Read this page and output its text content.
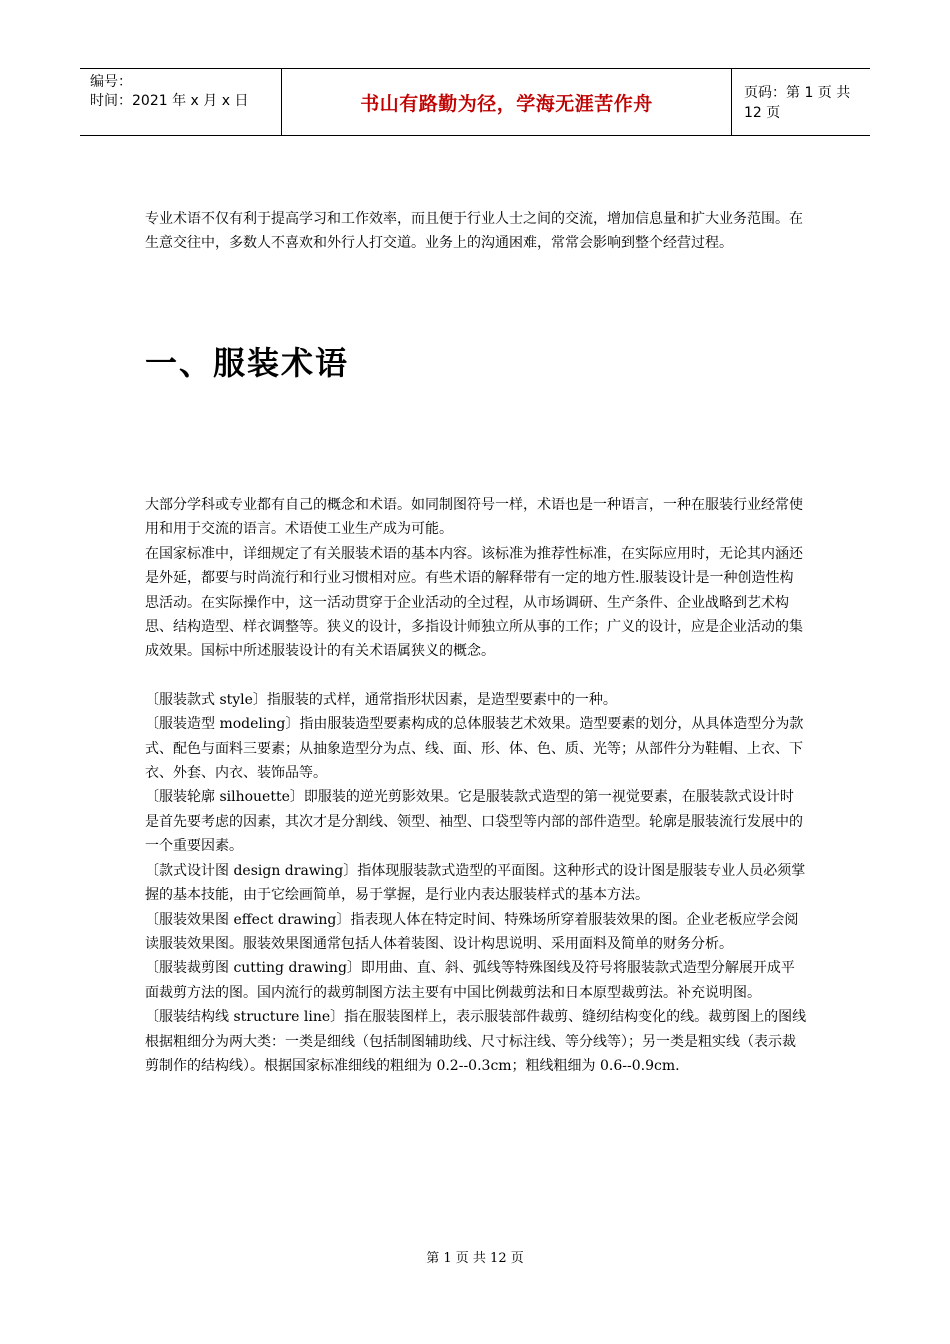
编号：
时间：2021 年 x 月 x 日	书山有路勤为径，学海无涯苦作舟	页码：第 1 页 共 12 页

专业术语不仅有利于提高学习和工作效率，而且便于行业人士之间的交流，增加信息量和扩大业务范围。在生意交往中，多数人不喜欢和外行人打交道。业务上的沟通困难，常常会影响到整个经营过程。

一、服装术语

大部分学科或专业都有自己的概念和术语。如同制图符号一样，术语也是一种语言，一种在服装行业经常使用和用于交流的语言。术语使工业生产成为可能。

在国家标准中，详细规定了有关服装术语的基本内容。该标准为推荐性标准，在实际应用时，无论其内涵还是外延，都要与时尚流行和行业习惯相对应。有些术语的解释带有一定的地方性.服装设计是一种创造性构思活动。在实际操作中，这一活动贯穿于企业活动的全过程，从市场调研、生产条件、企业战略到艺术构思、结构造型、样衣调整等。狭义的设计，多指设计师独立所从事的工作；广义的设计，应是企业活动的集成效果。国标中所述服装设计的有关术语属狭义的概念。

〔服装款式 style〕指服装的式样，通常指形状因素，是造型要素中的一种。

〔服装造型 modeling〕指由服装造型要素构成的总体服装艺术效果。造型要素的划分，从具体造型分为款式、配色与面料三要素；从抽象造型分为点、线、面、形、体、色、质、光等；从部件分为鞋帽、上衣、下衣、外套、内衣、装饰品等。

〔服装轮廓 silhouette〕即服装的逆光剪影效果。它是服装款式造型的第一视觉要素，在服装款式设计时是首先要考虑的因素，其次才是分割线、领型、袖型、口袋型等内部的部件造型。轮廓是服装流行发展中的一个重要因素。

〔款式设计图 design drawing〕指体现服装款式造型的平面图。这种形式的设计图是服装专业人员必须掌握的基本技能，由于它绘画简单，易于掌握，是行业内表达服装样式的基本方法。

〔服装效果图 effect drawing〕指表现人体在特定时间、特殊场所穿着服装效果的图。企业老板应学会阅读服装效果图。服装效果图通常包括人体着装图、设计构思说明、采用面料及简单的财务分析。

〔服装裁剪图 cutting drawing〕即用曲、直、斜、弧线等特殊图线及符号将服装款式造型分解展开成平面裁剪方法的图。国内流行的裁剪制图方法主要有中国比例裁剪法和日本原型裁剪法。补充说明图。

〔服装结构线 structure line〕指在服装图样上，表示服装部件裁剪、缝纫结构变化的线。裁剪图上的图线根据粗细分为两大类：一类是细线（包括制图辅助线、尺寸标注线、等分线等）；另一类是粗实线（表示裁剪制作的结构线）。根据国家标准细线的粗细为 0.2--0.3cm；粗线粗细为 0.6--0.9cm.

第 1 页 共 12 页
